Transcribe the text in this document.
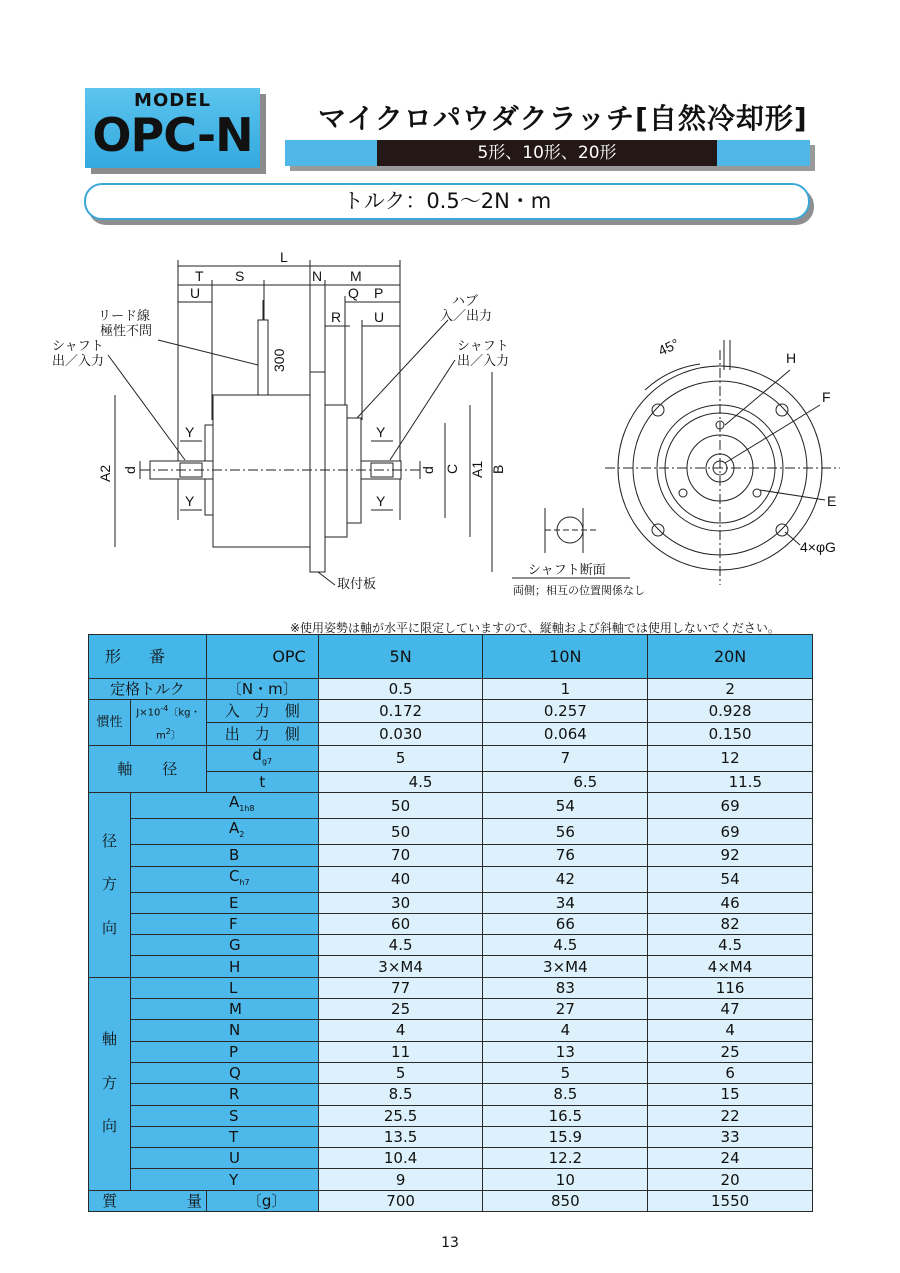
MODEL
OPC-N マイクロパウダクラッチ[自然冷却形]
5形、10形、20形
トルク：0.5〜2N・m
L
T S	N M
U	Q P
R U
300
Y
Y
Y
Y
A2 d	d C A1 B
45°	H
F
E
4×φG
リード線
極性不問
シャフト
出／入力
ハブ
入／出力
シャフト
出／入力
取付板
シャフト断面
両側；相互の位置関係なし
※使用姿勢は軸が水平に限定していますので、縦軸および斜軸では使用しないでください。
形　番		OPC	5N	10N	20N
定格トルク		〔N・m〕	0.5	1	2
慣性	$J\times 10^{-4}$〔kg・$m^2$〕	入　力　側	0.172	0.257	0.928
		出　力　側	0.030	0.064	0.150
軸　　径		$d_{g7}$	5	7	12
		t	4.5	6.5	11.5

径
方
向	$A_{1h8}$		50	54	69
	$A_2$		50	56	69
	B		70	76	92
	$C_{h7}$		40	42	54
	E		30	34	46
	F		60	66	82
	G		4.5	4.5	4.5
	H		3×M4	3×M4	4×M4

軸
方
向	L		77	83	116
	M		25	27	47
	N		4	4	4
	P		11	13	25
	Q		5	5	6
	R		8.5	8.5	15
	S		25.5	16.5	22
	T		13.5	15.9	33
	U		10.4	12.2	24
	Y		9	10	20
質	量	〔g〕	700	850	1550
13
